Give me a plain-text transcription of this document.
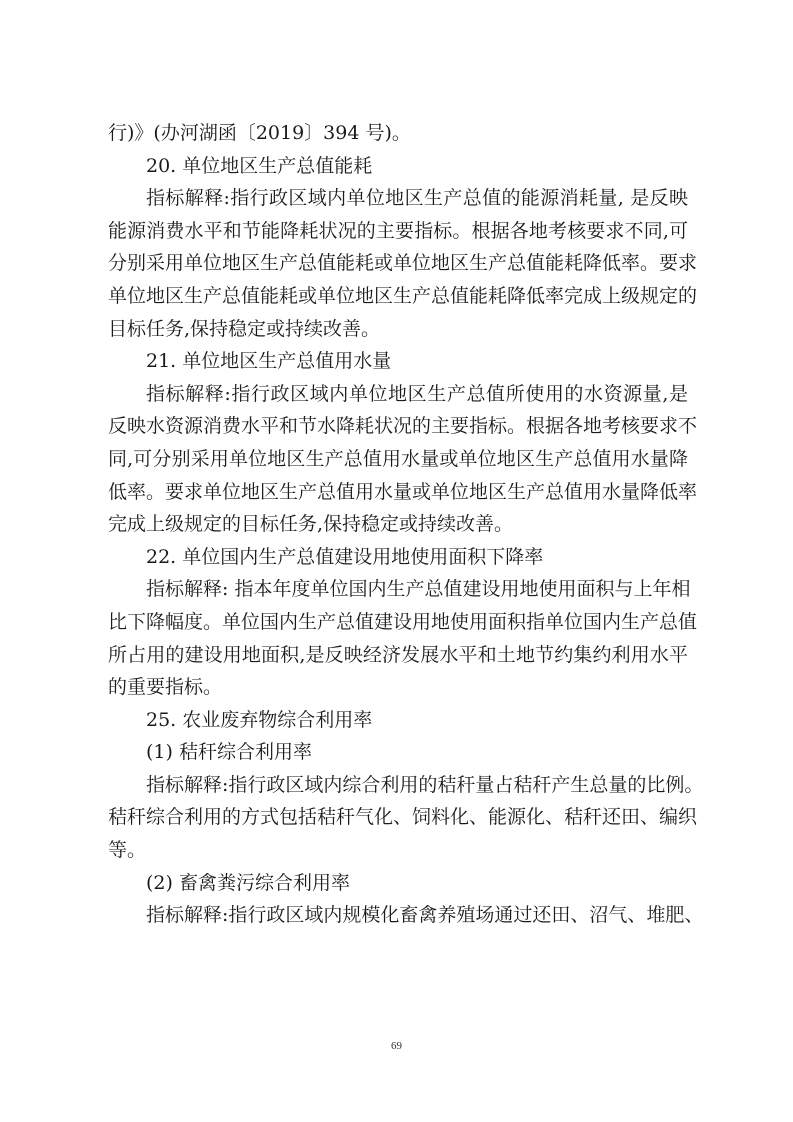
行)》(办河湖函〔2019〕394 号)。
20. 单位地区生产总值能耗
指标解释:指行政区域内单位地区生产总值的能源消耗量, 是反映
能源消费水平和节能降耗状况的主要指标。根据各地考核要求不同,可
分别采用单位地区生产总值能耗或单位地区生产总值能耗降低率。要求
单位地区生产总值能耗或单位地区生产总值能耗降低率完成上级规定的
目标任务,保持稳定或持续改善。
21. 单位地区生产总值用水量
指标解释:指行政区域内单位地区生产总值所使用的水资源量,是
反映水资源消费水平和节水降耗状况的主要指标。根据各地考核要求不
同,可分别采用单位地区生产总值用水量或单位地区生产总值用水量降
低率。要求单位地区生产总值用水量或单位地区生产总值用水量降低率
完成上级规定的目标任务,保持稳定或持续改善。
22. 单位国内生产总值建设用地使用面积下降率
指标解释: 指本年度单位国内生产总值建设用地使用面积与上年相
比下降幅度。单位国内生产总值建设用地使用面积指单位国内生产总值
所占用的建设用地面积,是反映经济发展水平和土地节约集约利用水平
的重要指标。
25. 农业废弃物综合利用率
(1) 秸秆综合利用率
指标解释:指行政区域内综合利用的秸秆量占秸秆产生总量的比例。
秸秆综合利用的方式包括秸秆气化、饲料化、能源化、秸秆还田、编织
等。
(2) 畜禽粪污综合利用率
指标解释:指行政区域内规模化畜禽养殖场通过还田、沼气、堆肥、
69
